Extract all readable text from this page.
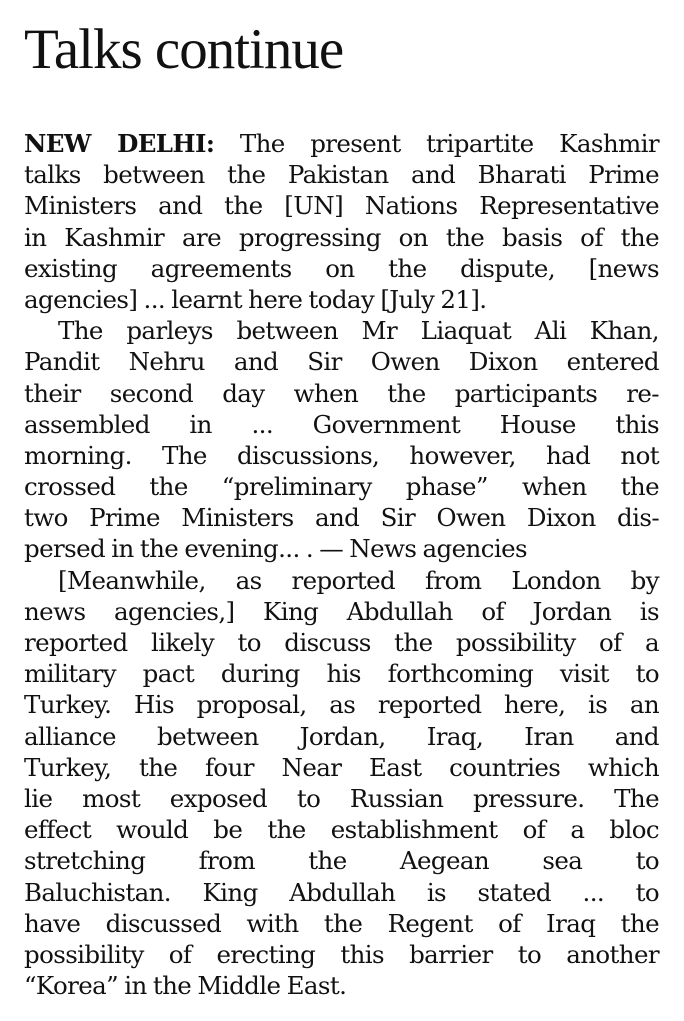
Talks continue
NEW DELHI: The present tripartite Kashmir
talks between the Pakistan and Bharati Prime
Ministers and the [UN] Nations Representative
in Kashmir are progressing on the basis of the
existing agreements on the dispute, [news
agencies] ... learnt here today [July 21].
The parleys between Mr Liaquat Ali Khan,
Pandit Nehru and Sir Owen Dixon entered
their second day when the participants re-
assembled in ... Government House this
morning. The discussions, however, had not
crossed the “preliminary phase” when the
two Prime Ministers and Sir Owen Dixon dis-
persed in the evening... . — News agencies
[Meanwhile, as reported from London by
news agencies,] King Abdullah of Jordan is
reported likely to discuss the possibility of a
military pact during his forthcoming visit to
Turkey. His proposal, as reported here, is an
alliance between Jordan, Iraq, Iran and
Turkey, the four Near East countries which
lie most exposed to Russian pressure. The
effect would be the establishment of a bloc
stretching from the Aegean sea to
Baluchistan. King Abdullah is stated ... to
have discussed with the Regent of Iraq the
possibility of erecting this barrier to another
“Korea” in the Middle East.
